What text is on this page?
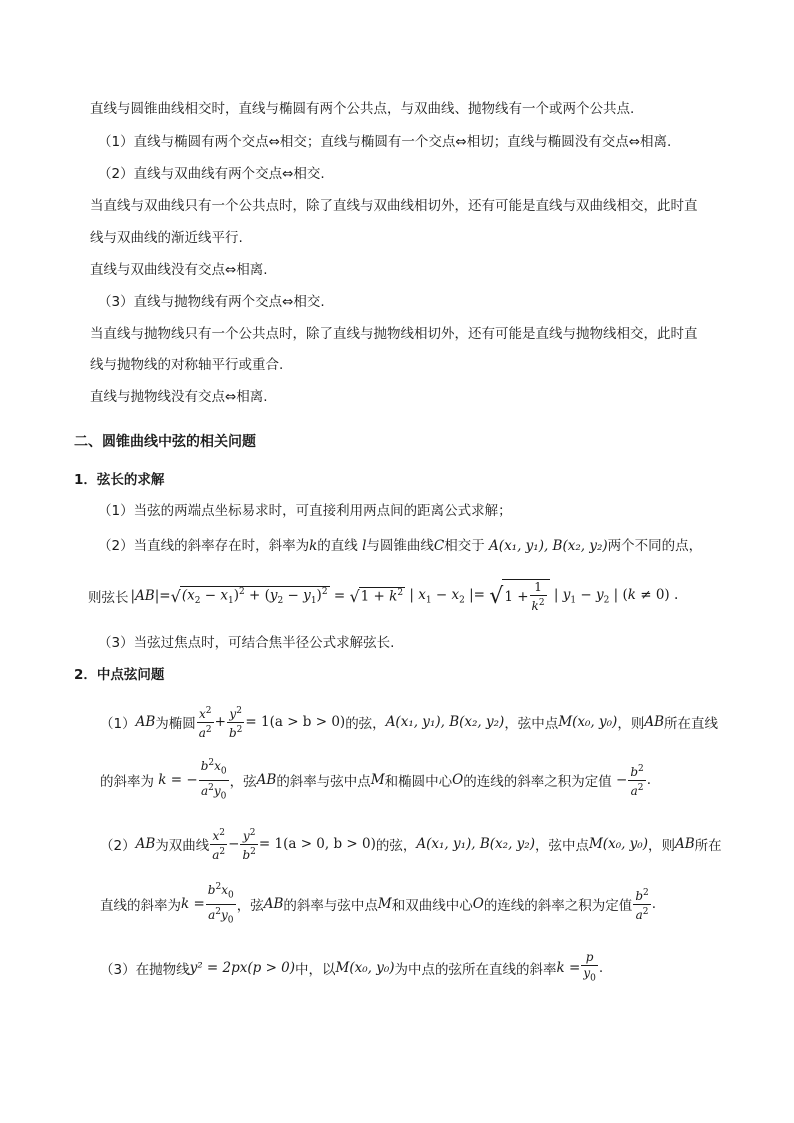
直线与圆锥曲线相交时，直线与椭圆有两个公共点，与双曲线、抛物线有一个或两个公共点.
（1）直线与椭圆有两个交点⇔相交；直线与椭圆有一个交点⇔相切；直线与椭圆没有交点⇔相离.
（2）直线与双曲线有两个交点⇔相交.
当直线与双曲线只有一个公共点时，除了直线与双曲线相切外，还有可能是直线与双曲线相交，此时直
线与双曲线的渐近线平行.
直线与双曲线没有交点⇔相离.
（3）直线与抛物线有两个交点⇔相交.
当直线与抛物线只有一个公共点时，除了直线与抛物线相切外，还有可能是直线与抛物线相交，此时直
线与抛物线的对称轴平行或重合.
直线与抛物线没有交点⇔相离.
二、圆锥曲线中弦的相关问题
1．弦长的求解
（1）当弦的两端点坐标易求时，可直接利用两点间的距离公式求解；
（2）当直线的斜率存在时，斜率为k的直线 l与圆锥曲线C相交于 A(x₁, y₁), B(x₂, y₂)两个不同的点，
则弦长 | AB |= √ $(x_2 - x_1)^2 + (y_2 - y_1)^2$ = √ $1 + k^2$ | $x_1 - x_2$ |= √ $1 + \frac{1}{k^2}$ | $y_1 - y_2$ | (k ≠ 0) .
（3）当弦过焦点时，可结合焦半径公式求解弦长.
2．中点弦问题
（1） AB 为椭圆 $\frac{x^2}{a^2} + \frac{y^2}{b^2} = 1(a > b > 0)$ 的弦， A(x₁, y₁), B(x₂, y₂) ，弦中点 M(x₀, y₀) ，则 AB 所在直线
的斜率为 k = − $\frac{b^2x_0}{a^2y_0}$ ，弦 AB 的斜率与弦中点 M 和椭圆中心 O 的连线的斜率之积为定值 − $\frac{b^2}{a^2}$ .
（2） AB 为双曲线 $\frac{x^2}{a^2} - \frac{y^2}{b^2} = 1(a > 0$, b > 0) 的弦， A(x₁, y₁), B(x₂, y₂) ，弦中点 M(x₀, y₀) ，则 AB 所在
直线的斜率为 $k = \frac{b^2x_0}{a^2y_0}$ ，弦 AB 的斜率与弦中点 M 和双曲线中心 O 的连线的斜率之积为定值 $\frac{b^2}{a^2}$ .
（3）在抛物线 y² = 2px(p > 0) 中，以 M(x₀, y₀) 为中点的弦所在直线的斜率 $k = \frac{p}{y_0}$ .
